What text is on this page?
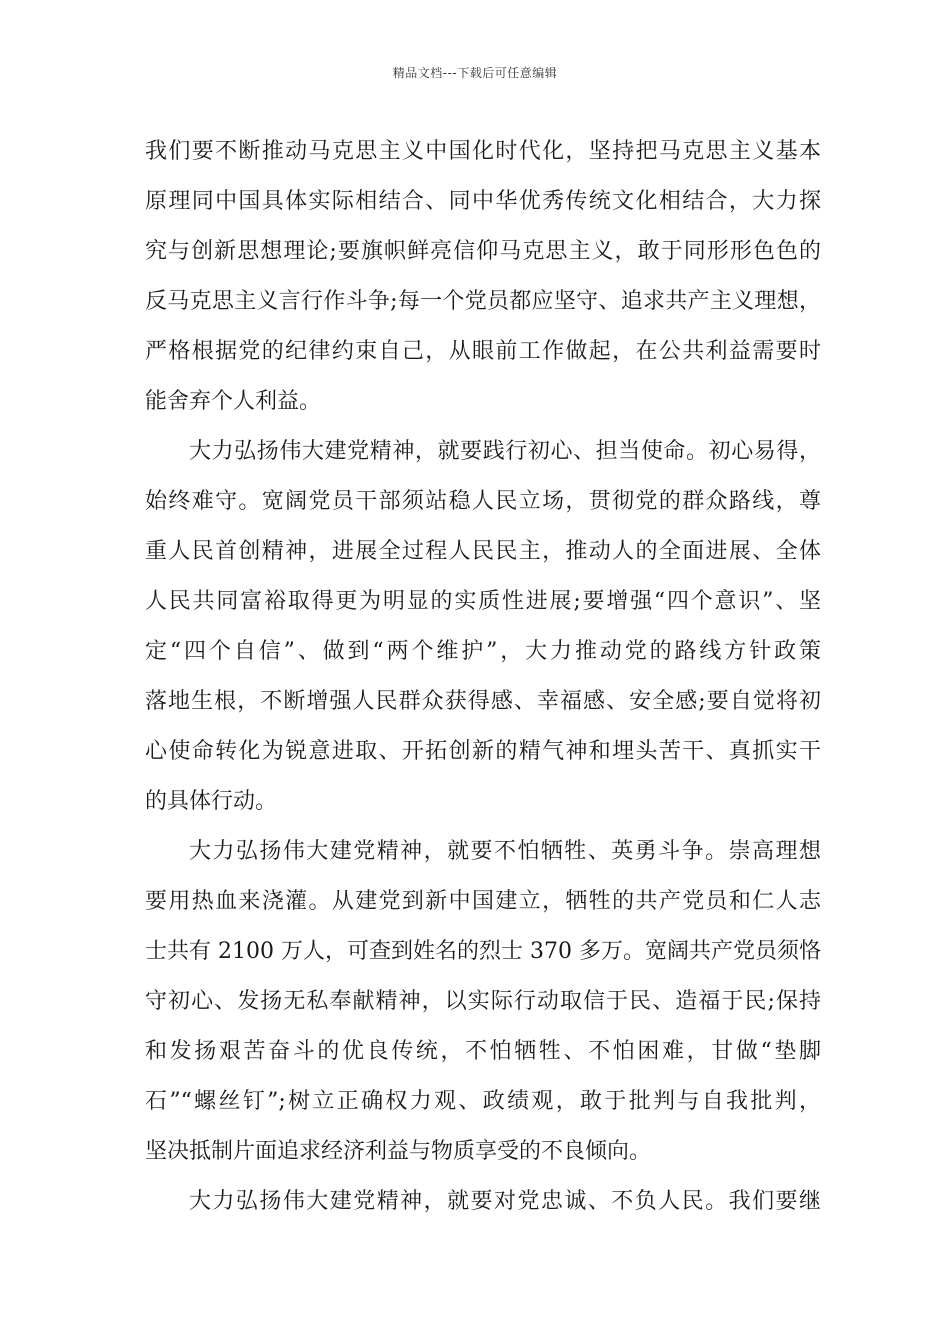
精品文档---下载后可任意编辑
我们要不断推动马克思主义中国化时代化，坚持把马克思主义基本
原理同中国具体实际相结合、同中华优秀传统文化相结合，大力探
究与创新思想理论;要旗帜鲜亮信仰马克思主义，敢于同形形色色的
反马克思主义言行作斗争;每一个党员都应坚守、追求共产主义理想，
严格根据党的纪律约束自己，从眼前工作做起，在公共利益需要时
能舍弃个人利益。
大力弘扬伟大建党精神，就要践行初心、担当使命。初心易得，
始终难守。宽阔党员干部须站稳人民立场，贯彻党的群众路线，尊
重人民首创精神，进展全过程人民民主，推动人的全面进展、全体
人民共同富裕取得更为明显的实质性进展;要增强“四个意识”、坚
定“四个自信”、做到“两个维护”，大力推动党的路线方针政策
落地生根，不断增强人民群众获得感、幸福感、安全感;要自觉将初
心使命转化为锐意进取、开拓创新的精气神和埋头苦干、真抓实干
的具体行动。
大力弘扬伟大建党精神，就要不怕牺牲、英勇斗争。崇高理想
要用热血来浇灌。从建党到新中国建立，牺牲的共产党员和仁人志
士共有 2100 万人，可查到姓名的烈士 370 多万。宽阔共产党员须恪
守初心、发扬无私奉献精神，以实际行动取信于民、造福于民;保持
和发扬艰苦奋斗的优良传统，不怕牺牲、不怕困难，甘做“垫脚
石”“螺丝钉”;树立正确权力观、政绩观，敢于批判与自我批判，
坚决抵制片面追求经济利益与物质享受的不良倾向。
大力弘扬伟大建党精神，就要对党忠诚、不负人民。我们要继
